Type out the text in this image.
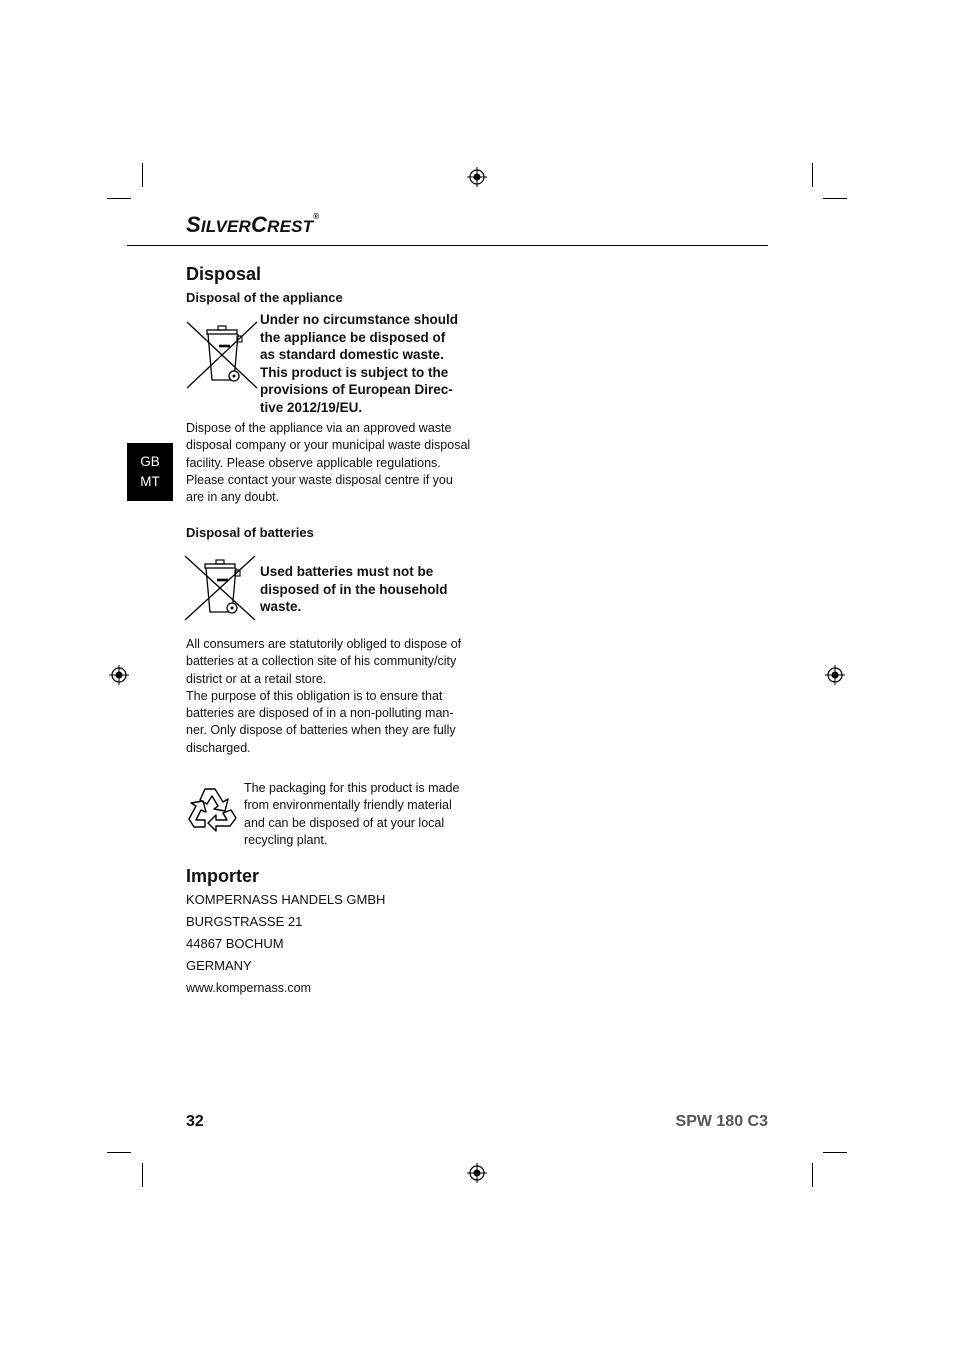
SILVERCREST®
GB
MT
Disposal
Disposal of the appliance
Under no circumstance should
the appliance be disposed of
as standard domestic waste.
This product is subject to the
provisions of European Direc-
tive 2012/19/EU.
Dispose of the appliance via an approved waste
disposal company or your municipal waste disposal
facility. Please observe applicable regulations.
Please contact your waste disposal centre if you
are in any doubt.
Disposal of batteries
Used batteries must not be
disposed of in the household
waste.
All consumers are statutorily obliged to dispose of
batteries at a collection site of his community/city
district or at a retail store.
The purpose of this obligation is to ensure that
batteries are disposed of in a non-polluting man-
ner. Only dispose of batteries when they are fully
discharged.
The packaging for this product is made
from environmentally friendly material
and can be disposed of at your local
recycling plant.
Importer
KOMPERNASS HANDELS GMBH
BURGSTRASSE 21
44867 BOCHUM
GERMANY
www.kompernass.com
32	SPW 180 C3
